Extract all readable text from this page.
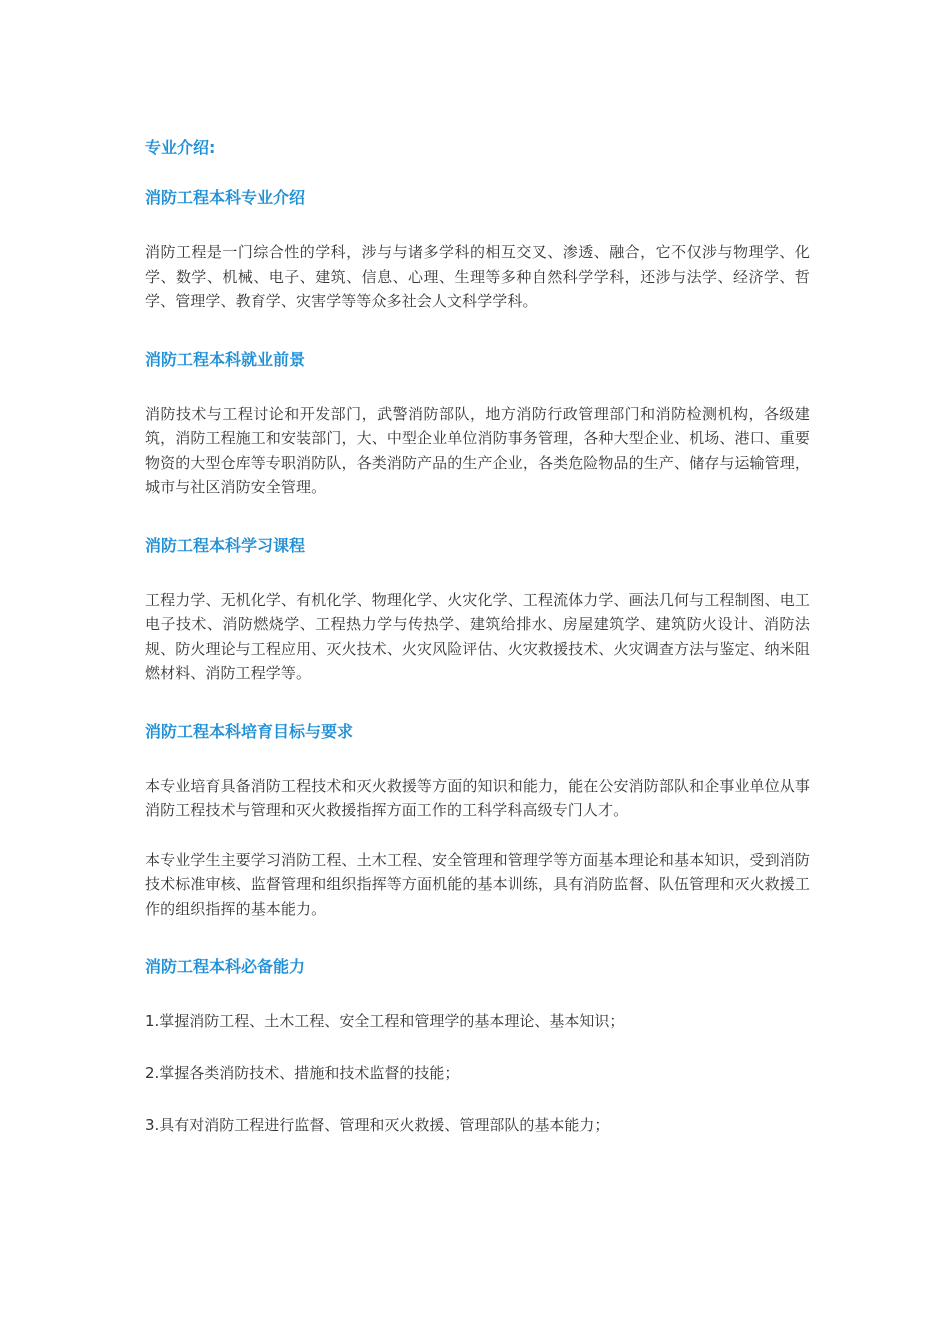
专业介绍:
消防工程本科专业介绍

消防工程是一门综合性的学科，涉与与诸多学科的相互交叉、渗透、融合，它不仅涉与物理学、化学、数学、机械、电子、建筑、信息、心理、生理等多种自然科学学科，还涉与法学、经济学、哲学、管理学、教育学、灾害学等等众多社会人文科学学科。

消防工程本科就业前景

消防技术与工程讨论和开发部门，武警消防部队，地方消防行政管理部门和消防检测机构，各级建筑，消防工程施工和安装部门，大、中型企业单位消防事务管理，各种大型企业、机场、港口、重要物资的大型仓库等专职消防队，各类消防产品的生产企业，各类危险物品的生产、储存与运输管理，城市与社区消防安全管理。

消防工程本科学习课程

工程力学、无机化学、有机化学、物理化学、火灾化学、工程流体力学、画法几何与工程制图、电工电子技术、消防燃烧学、工程热力学与传热学、建筑给排水、房屋建筑学、建筑防火设计、消防法规、防火理论与工程应用、灭火技术、火灾风险评估、火灾救援技术、火灾调查方法与鉴定、纳米阻燃材料、消防工程学等。

消防工程本科培育目标与要求

本专业培育具备消防工程技术和灭火救援等方面的知识和能力，能在公安消防部队和企事业单位从事消防工程技术与管理和灭火救援指挥方面工作的工科学科高级专门人才。

本专业学生主要学习消防工程、土木工程、安全管理和管理学等方面基本理论和基本知识，受到消防技术标准审核、监督管理和组织指挥等方面机能的基本训练，具有消防监督、队伍管理和灭火救援工作的组织指挥的基本能力。

消防工程本科必备能力

1.掌握消防工程、土木工程、安全工程和管理学的基本理论、基本知识；

2.掌握各类消防技术、措施和技术监督的技能；

3.具有对消防工程进行监督、管理和灭火救援、管理部队的基本能力；
